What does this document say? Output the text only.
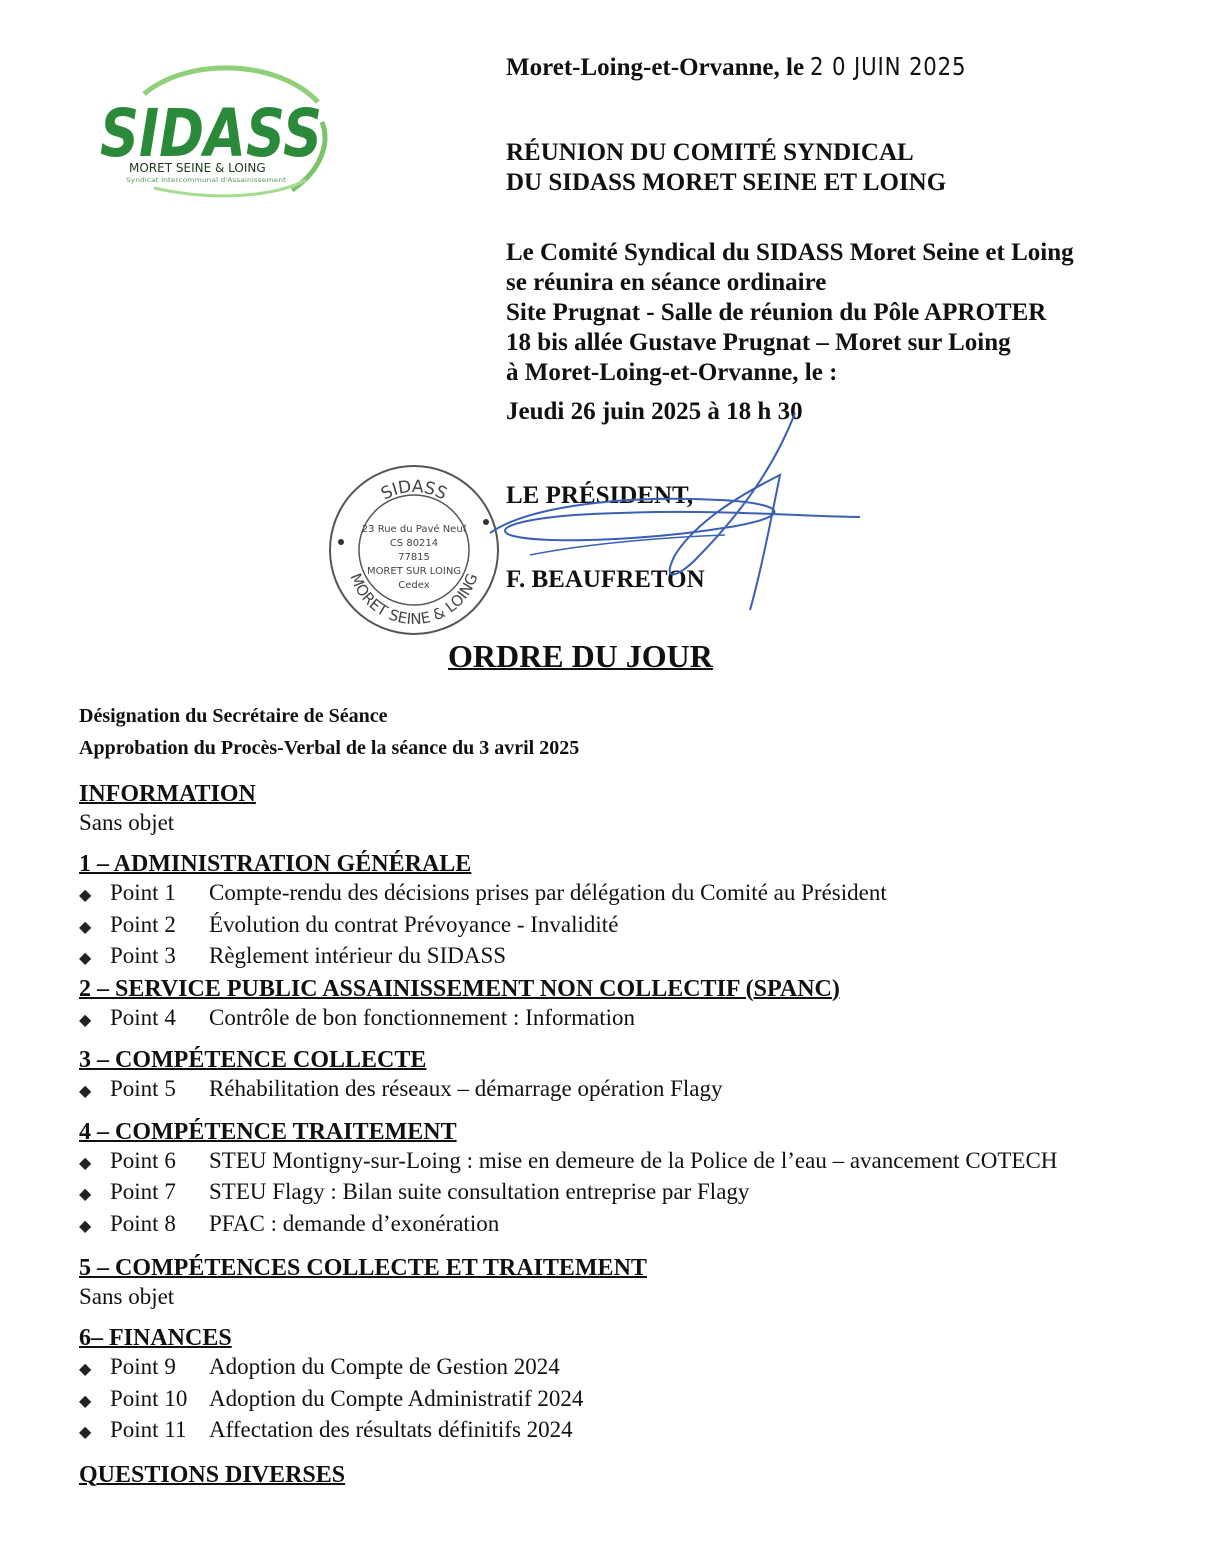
SIDASS
MORET SEINE & LOING
Syndicat Intercommunal d'Assainissement
Moret-Loing-et-Orvanne, le 2 0 JUIN 2025
RÉUNION DU COMITÉ SYNDICAL
DU SIDASS MORET SEINE ET LOING
Le Comité Syndical du SIDASS Moret Seine et Loing
se réunira en séance ordinaire
Site Prugnat - Salle de réunion du Pôle APROTER
18 bis allée Gustave Prugnat – Moret sur Loing
à Moret-Loing-et-Orvanne, le :
Jeudi 26 juin 2025 à 18 h 30
SIDASS
MORET SEINE & LOING
23 Rue du Pavé Neuf
CS 80214
77815
MORET SUR LOING
Cedex
LE PRÉSIDENT,
F. BEAUFRETON
ORDRE DU JOUR
Désignation du Secrétaire de Séance
Approbation du Procès-Verbal de la séance du 3 avril 2025
INFORMATION
Sans objet
1 – ADMINISTRATION GÉNÉRALE
◆ Point 1	Compte-rendu des décisions prises par délégation du Comité au Président
◆ Point 2	Évolution du contrat Prévoyance - Invalidité
◆ Point 3	Règlement intérieur du SIDASS
2 – SERVICE PUBLIC ASSAINISSEMENT NON COLLECTIF (SPANC)
◆ Point 4	Contrôle de bon fonctionnement : Information
3 – COMPÉTENCE COLLECTE
◆ Point 5	Réhabilitation des réseaux – démarrage opération Flagy
4 – COMPÉTENCE TRAITEMENT
◆ Point 6	STEU Montigny-sur-Loing : mise en demeure de la Police de l’eau – avancement COTECH
◆ Point 7	STEU Flagy : Bilan suite consultation entreprise par Flagy
◆ Point 8	PFAC : demande d’exonération
5 – COMPÉTENCES COLLECTE ET TRAITEMENT
Sans objet
6– FINANCES
◆ Point 9	Adoption du Compte de Gestion 2024
◆ Point 10 Adoption du Compte Administratif 2024
◆ Point 11 Affectation des résultats définitifs 2024
QUESTIONS DIVERSES
